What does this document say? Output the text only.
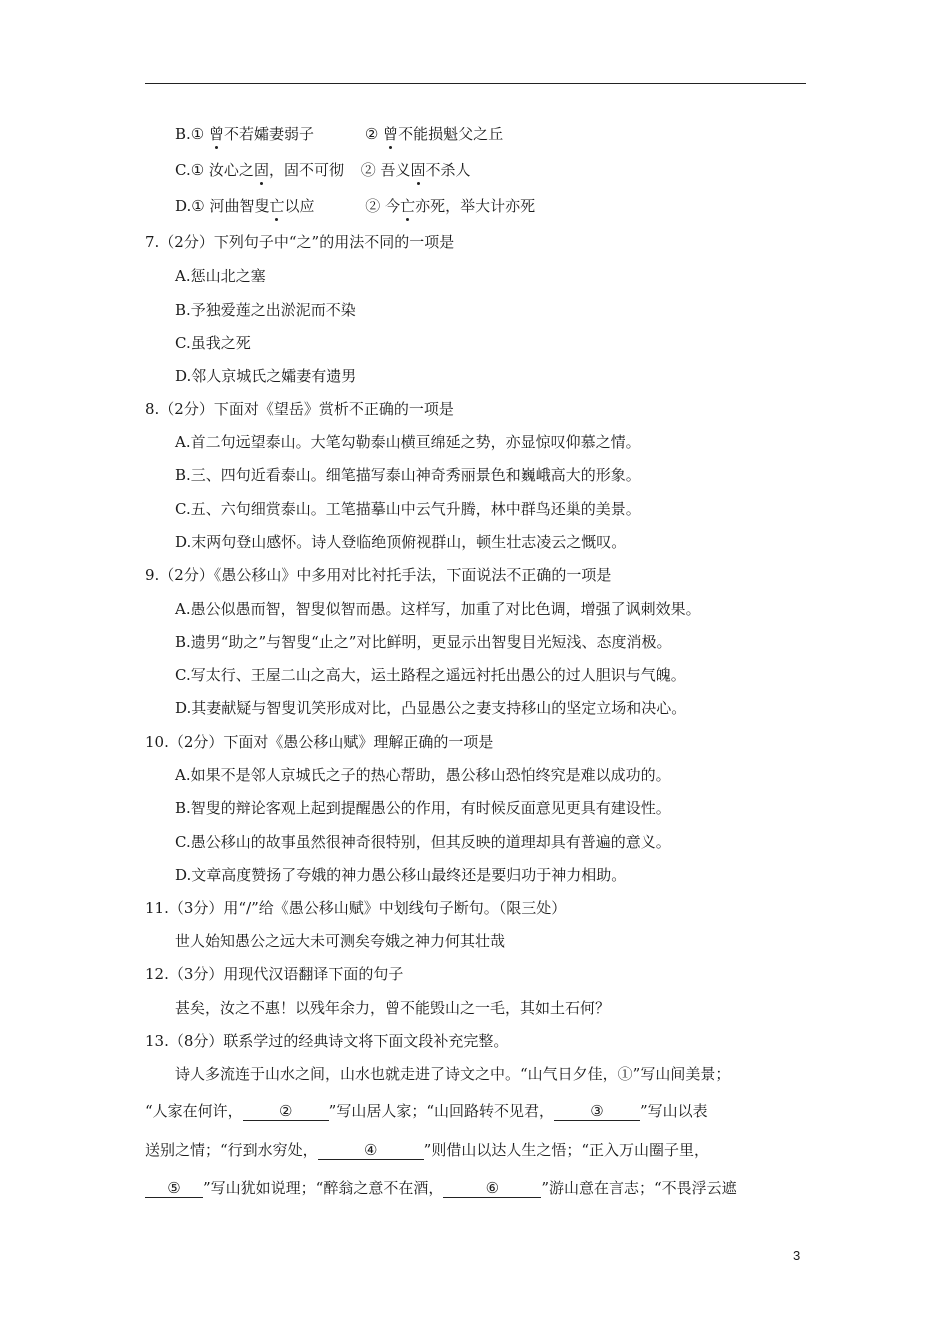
B.① 曾不若孀妻弱子	② 曾不能损魁父之丘
C.① 汝心之固，固不可彻 ② 吾义固不杀人
D.① 河曲智叟亡以应	② 今亡亦死，举大计亦死
7.（2分）下列句子中“之”的用法不同的一项是
A.惩山北之塞
B.予独爱莲之出淤泥而不染
C.虽我之死
D.邻人京城氏之孀妻有遗男
8.（2分）下面对《望岳》赏析不正确的一项是
A.首二句远望泰山。大笔勾勒泰山横亘绵延之势，亦显惊叹仰慕之情。
B.三、四句近看泰山。细笔描写泰山神奇秀丽景色和巍峨高大的形象。
C.五、六句细赏泰山。工笔描摹山中云气升腾，林中群鸟还巢的美景。
D.末两句登山感怀。诗人登临绝顶俯视群山，顿生壮志凌云之慨叹。
9.（2分）《愚公移山》中多用对比衬托手法，下面说法不正确的一项是
A.愚公似愚而智，智叟似智而愚。这样写，加重了对比色调，增强了讽刺效果。
B.遗男“助之”与智叟“止之”对比鲜明，更显示出智叟目光短浅、态度消极。
C.写太行、王屋二山之高大，运土路程之遥远衬托出愚公的过人胆识与气魄。
D.其妻献疑与智叟讥笑形成对比，凸显愚公之妻支持移山的坚定立场和决心。
10.（2分）下面对《愚公移山赋》理解正确的一项是
A.如果不是邻人京城氏之子的热心帮助，愚公移山恐怕终究是难以成功的。
B.智叟的辩论客观上起到提醒愚公的作用，有时候反面意见更具有建设性。
C.愚公移山的故事虽然很神奇很特别，但其反映的道理却具有普遍的意义。
D.文章高度赞扬了夸娥的神力愚公移山最终还是要归功于神力相助。
11.（3分）用“/”给《愚公移山赋》中划线句子断句。（限三处）
世人始知愚公之远大未可测矣夸娥之神力何其壮哉
12.（3分）用现代汉语翻译下面的句子
甚矣，汝之不惠！以残年余力，曾不能毁山之一毛，其如土石何？
13.（8分）联系学过的经典诗文将下面文段补充完整。
诗人多流连于山水之间，山水也就走进了诗文之中。“山气日夕佳，①”写山间美景；
“人家在何许， ② ”写山居人家；“山回路转不见君， ③ ”写山以表
送别之情；“行到水穷处，	④	”则借山以达人生之悟；“正入万山圈子里，
⑤ ”写山犹如说理；“醉翁之意不在酒，	⑥	”游山意在言志；“不畏浮云遮
3
